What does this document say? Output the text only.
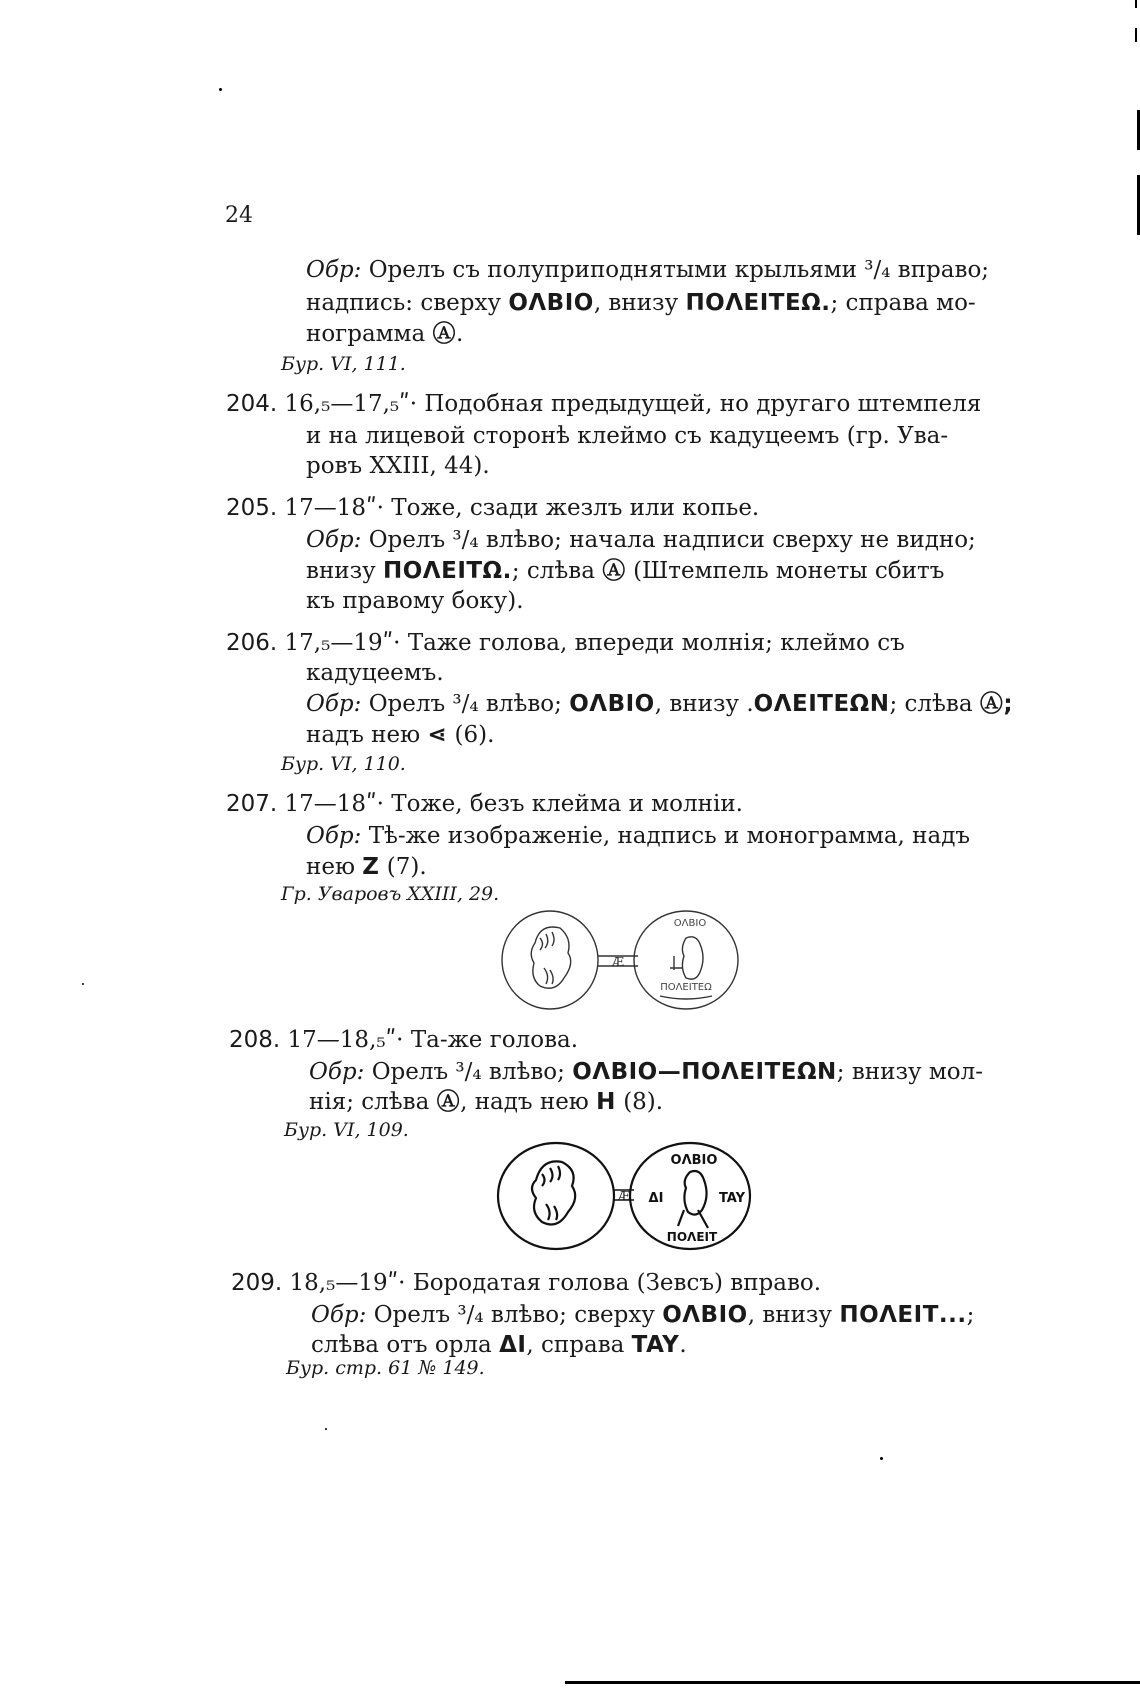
24
Обр: Орелъ съ полуприподнятыми крыльями ³/₄ вправо;
надпись: сверху ΟΛΒΙΟ, внизу ΠΟΛΕΙΤΕΩ.; справа мо-
нограмма Ⓐ.
Бур. VI, 111.
204. 16,₅—17,₅ʺ· Подобная предыдущей, но другаго штемпеля
и на лицевой сторонѣ клеймо съ кадуцеемъ (гр. Ува-
ровъ XXIII, 44).
205. 17—18ʺ· Тоже, сзади жезлъ или копье.
Обр: Орелъ ³/₄ влѣво; начала надписи сверху не видно;
внизу ΠΟΛΕΙΤΩ.; слѣва Ⓐ (Штемпель монеты сбитъ
къ правому боку).
206. 17,₅—19ʺ· Таже голова, впереди молнія; клеймо съ
кадуцеемъ.
Обр: Орелъ ³/₄ влѣво; ΟΛΒΙΟ, внизу .ΟΛΕΙΤΕΩΝ; слѣва Ⓐ;
надъ нею ⋖ (6).
Бур. VI, 110.
207. 17—18ʺ· Тоже, безъ клейма и молніи.
Обр: Тѣ-же изображеніе, надпись и монограмма, надъ
нею Z (7).
Гр. Уваровъ XXIII, 29.
Æ
ΟΛΒΙΟ
ΠΟΛΕΙΤΕΩ
208. 17—18,₅ʺ· Та-же голова.
Обр: Орелъ ³/₄ влѣво; ΟΛΒΙΟ—ΠΟΛΕΙΤΕΩΝ; внизу мол-
нія; слѣва Ⓐ, надъ нею H (8).
Бур. VI, 109.
Æ
ΟΛΒΙΟ
ΔΙ	TAY
ΠΟΛΕΙΤ
209. 18,₅—19ʺ· Бородатая голова (Зевсъ) вправо.
Обр: Орелъ ³/₄ влѣво; сверху ΟΛΒΙΟ, внизу ΠΟΛΕΙΤ...;
слѣва отъ орла ΔΙ, справа TAY.
Бур. стр. 61 № 149.
